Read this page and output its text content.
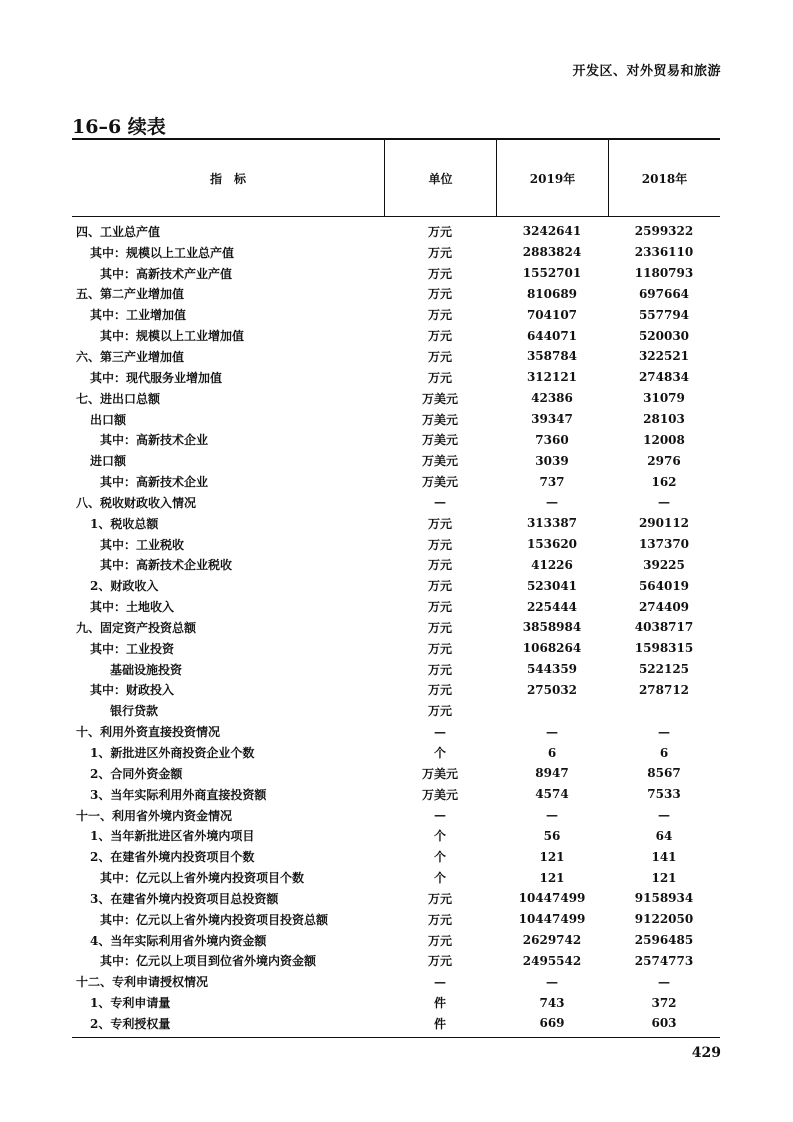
开发区、对外贸易和旅游
16–6 续表
指　标	单位	2019年	2018年
四、工业总产值	万元	3242641	2599322
其中：规模以上工业总产值	万元	2883824	2336110
其中：高新技术产业产值	万元	1552701	1180793
五、第二产业增加值	万元	810689	697664
其中：工业增加值	万元	704107	557794
其中：规模以上工业增加值	万元	644071	520030
六、第三产业增加值	万元	358784	322521
其中：现代服务业增加值	万元	312121	274834
七、进出口总额	万美元	42386	31079
出口额	万美元	39347	28103
其中：高新技术企业	万美元	7360	12008
进口额	万美元	3039	2976
其中：高新技术企业	万美元	737	162
八、税收财政收入情况	—	—	—
1、税收总额	万元	313387	290112
其中：工业税收	万元	153620	137370
其中：高新技术企业税收	万元	41226	39225
2、财政收入	万元	523041	564019
其中：土地收入	万元	225444	274409
九、固定资产投资总额	万元	3858984	4038717
其中：工业投资	万元	1068264	1598315
基础设施投资	万元	544359	522125
其中：财政投入	万元	275032	278712
银行贷款	万元
十、利用外资直接投资情况	—	—	—
1、新批进区外商投资企业个数	个	6	6
2、合同外资金额	万美元	8947	8567
3、当年实际利用外商直接投资额	万美元	4574	7533
十一、利用省外境内资金情况	—	—	—
1、当年新批进区省外境内项目	个	56	64
2、在建省外境内投资项目个数	个	121	141
其中：亿元以上省外境内投资项目个数	个	121	121
3、在建省外境内投资项目总投资额	万元	10447499	9158934
其中：亿元以上省外境内投资项目投资总额	万元	10447499	9122050
4、当年实际利用省外境内资金额	万元	2629742	2596485
其中：亿元以上项目到位省外境内资金额	万元	2495542	2574773
十二、专利申请授权情况	—	—	—
1、专利申请量	件	743	372
2、专利授权量	件	669	603
429
